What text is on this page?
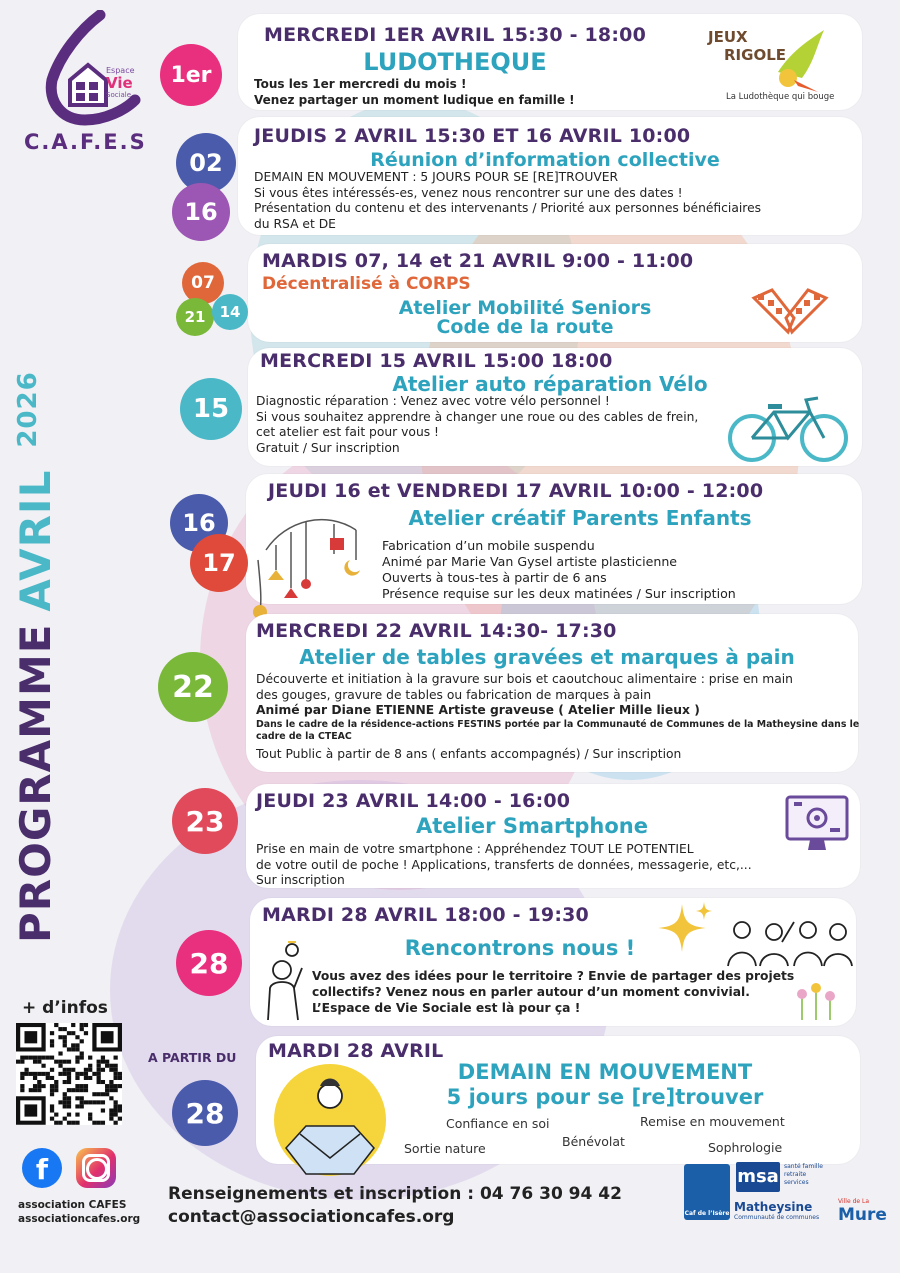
Espace
Vie
Sociale
C.A.F.E.S
$PROGRAMMEAVRIL^{2026}$
1er
MERCREDI 1ER AVRIL 15:30 - 18:00
LUDOTHEQUE
Tous les 1er mercredi du mois !
Venez partager un moment ludique en famille !
JEUX
RIGOLE
La Ludothèque qui bouge
02
16
JEUDIS 2 AVRIL 15:30 ET 16 AVRIL 10:00
Réunion d’information collective
DEMAIN EN MOUVEMENT : 5 JOURS POUR SE [RE]TROUVER
Si vous êtes intéressés-es, venez nous rencontrer sur une des dates !
Présentation du contenu et des intervenants / Priorité aux personnes bénéficiaires
du RSA et DE
07
21 14
MARDIS 07, 14 et 21 AVRIL 9:00 - 11:00
Décentralisé à CORPS
Atelier Mobilité Seniors
Code de la route
15
MERCREDI 15 AVRIL 15:00 18:00
Atelier auto réparation Vélo
Diagnostic réparation : Venez avec votre vélo personnel !
Si vous souhaitez apprendre à changer une roue ou des cables de frein,
cet atelier est fait pour vous !
Gratuit / Sur inscription
16
17
JEUDI 16 et VENDREDI 17 AVRIL 10:00 - 12:00
Atelier créatif Parents Enfants
Fabrication d’un mobile suspendu
Animé par Marie Van Gysel artiste plasticienne
Ouverts à tous-tes à partir de 6 ans
Présence requise sur les deux matinées / Sur inscription
22
MERCREDI 22 AVRIL 14:30- 17:30
Atelier de tables gravées et marques à pain
Découverte et initiation à la gravure sur bois et caoutchouc alimentaire : prise en main
des gouges, gravure de tables ou fabrication de marques à pain
Animé par Diane ETIENNE Artiste graveuse ( Atelier Mille lieux )
Dans le cadre de la résidence-actions FESTINS portée par la Communauté de Communes de la Matheysine dans le
cadre de la CTEAC
Tout Public à partir de 8 ans ( enfants accompagnés) / Sur inscription
23
JEUDI 23 AVRIL 14:00 - 16:00
Atelier Smartphone
Prise en main de votre smartphone : Appréhendez TOUT LE POTENTIEL
de votre outil de poche ! Applications, transferts de données, messagerie, etc,...
Sur inscription
28
MARDI 28 AVRIL 18:00 - 19:30
Rencontrons nous !
Vous avez des idées pour le territoire ? Envie de partager des projets
collectifs? Venez nous en parler autour d’un moment convivial.
L’Espace de Vie Sociale est là pour ça !
A PARTIR DU
28
MARDI 28 AVRIL
DEMAIN EN MOUVEMENT
5 jours pour se [re]trouver
Confiance en soi	Remise en mouvement
Bénévolat
Sortie nature	Sophrologie
+ d’infos
f
association CAFES
associationcafes.org
Renseignements et inscription : 04 76 30 94 42
contact@associationcafes.org	Caf de l’Isère
msa santé famille retraite services
Matheysine
Communauté de communes
Ville de La
Mure
